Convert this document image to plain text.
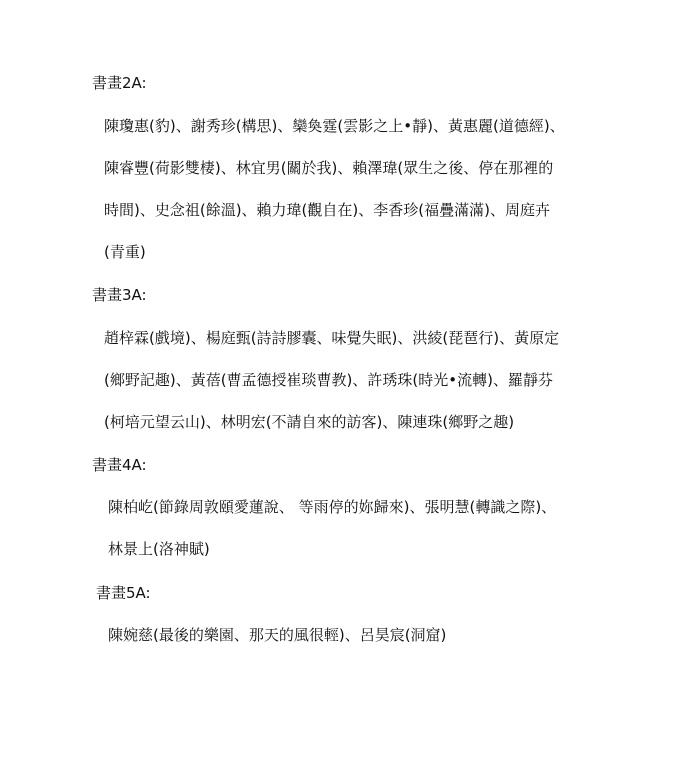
書畫2A:
陳瓊惠(豹)、謝秀珍(構思)、欒奐霆(雲影之上•靜)、黃惠麗(道德經)、
陳睿豐(荷影雙棲)、林宜男(關於我)、賴澤瑋(眾生之後、停在那裡的
時間)、史念祖(餘溫)、賴力瑋(觀自在)、李香珍(福疊滿滿)、周庭卉
(青重)
書畫3A:
趙梓霖(戲境)、楊庭甄(詩詩膠囊、味覺失眠)、洪綾(琵琶行)、黃原定
(鄉野記趣)、黃蓓(曹孟德授崔琰曹教)、許琇珠(時光•流轉)、羅靜芬
(柯培元望云山)、林明宏(不請自來的訪客)、陳連珠(鄉野之趣)
書畫4A:
陳柏屹(節錄周敦頤愛蓮說、 等雨停的妳歸來)、張明慧(轉識之際)、
林景上(洛神賦)
書畫5A:
陳婉慈(最後的樂園、那天的風很輕)、呂昊宸(洞窟)
